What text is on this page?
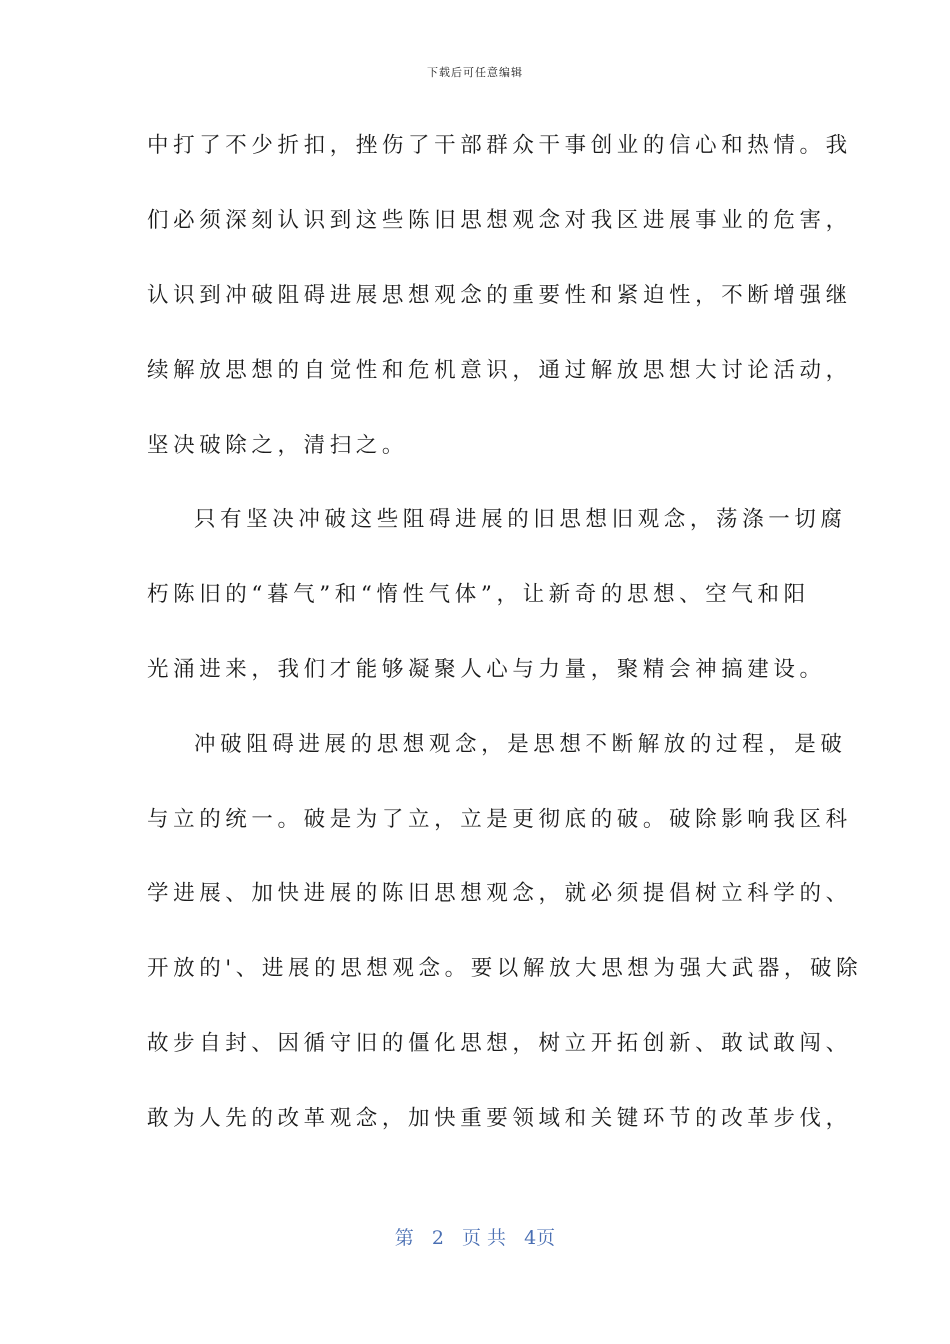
下载后可任意编辑
中打了不少折扣，挫伤了干部群众干事创业的信心和热情。我
们必须深刻认识到这些陈旧思想观念对我区进展事业的危害，
认识到冲破阻碍进展思想观念的重要性和紧迫性，不断增强继
续解放思想的自觉性和危机意识，通过解放思想大讨论活动，
坚决破除之，清扫之。
只有坚决冲破这些阻碍进展的旧思想旧观念，荡涤一切腐
朽陈旧的“暮气”和“惰性气体”，让新奇的思想、空气和阳
光涌进来，我们才能够凝聚人心与力量，聚精会神搞建设。
冲破阻碍进展的思想观念，是思想不断解放的过程，是破
与立的统一。破是为了立，立是更彻底的破。破除影响我区科
学进展、加快进展的陈旧思想观念，就必须提倡树立科学的、
开放的'、进展的思想观念。要以解放大思想为强大武器，破除
故步自封、因循守旧的僵化思想，树立开拓创新、敢试敢闯、
敢为人先的改革观念，加快重要领域和关键环节的改革步伐，
第 2 页 共 4页
